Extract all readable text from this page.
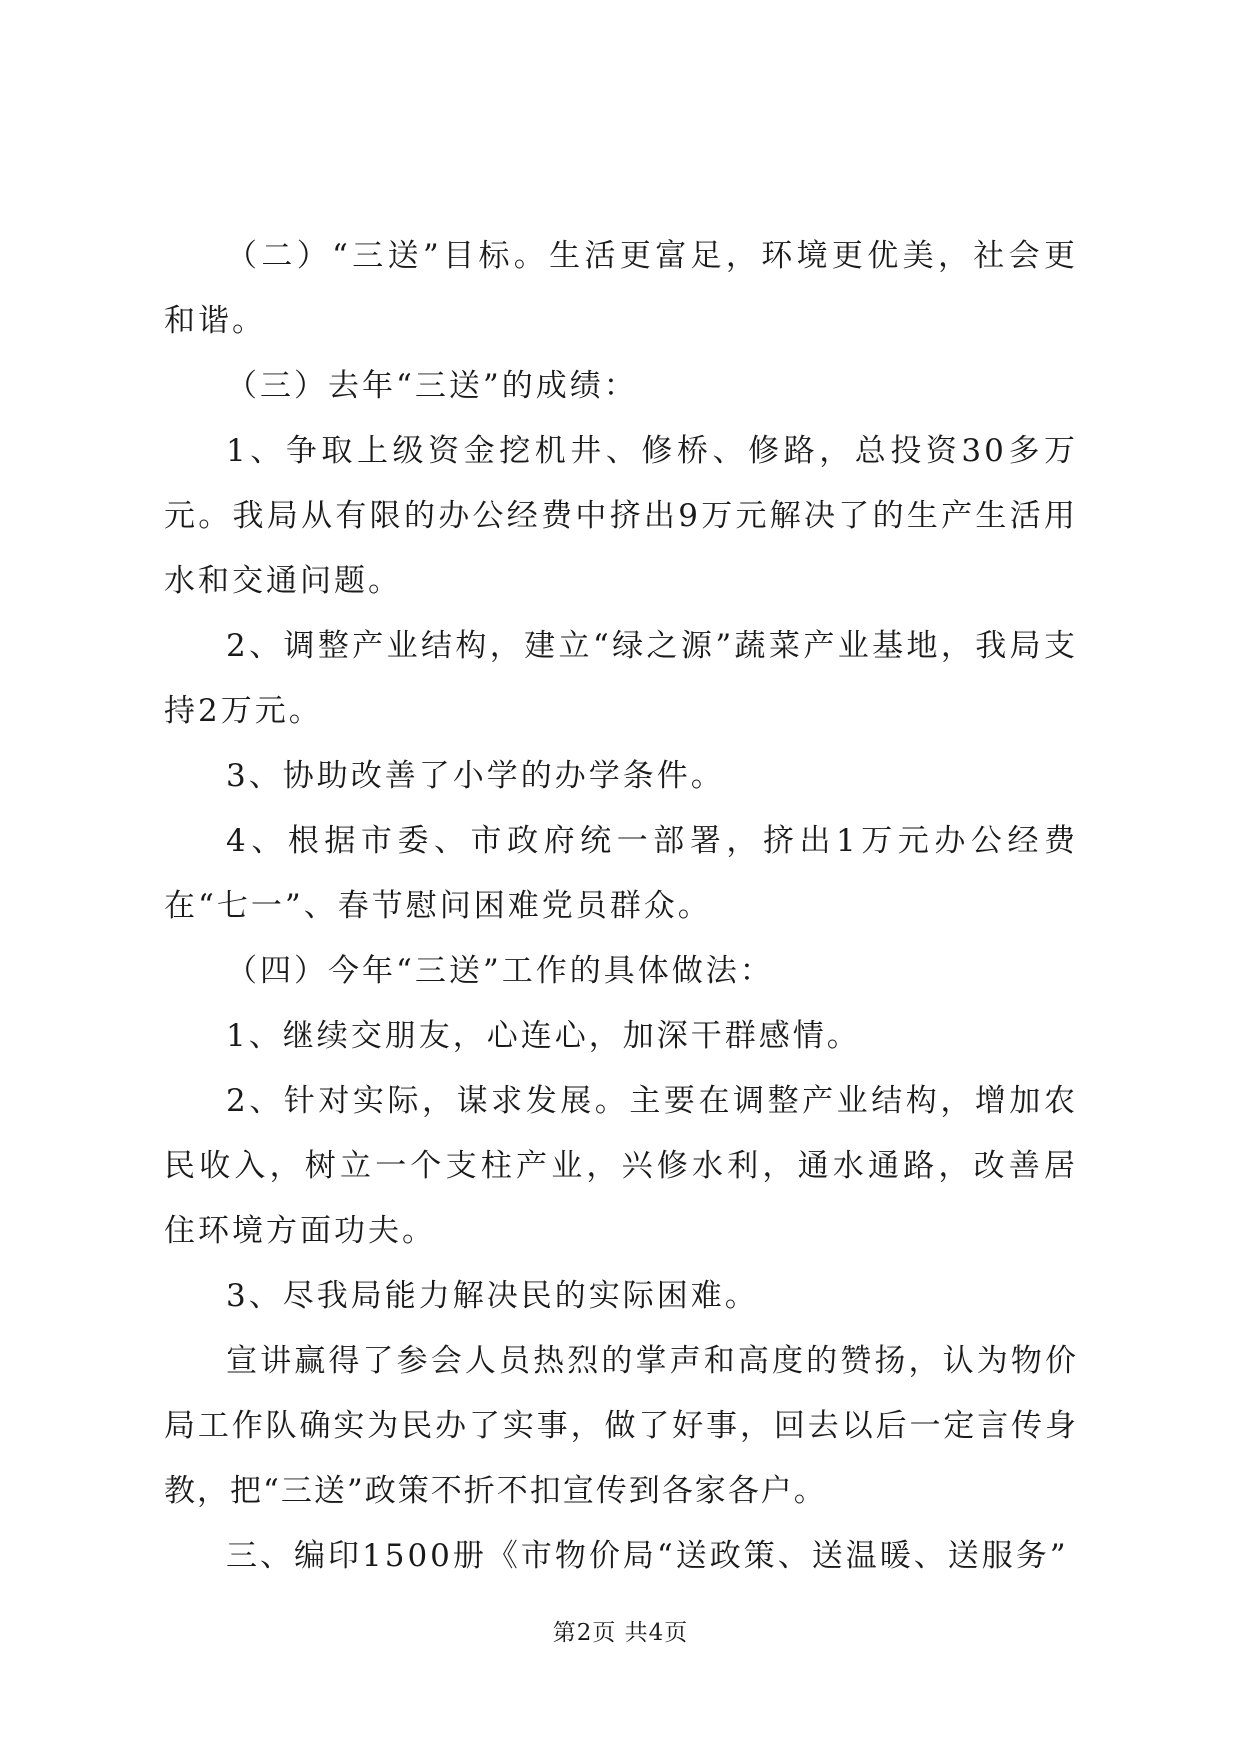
（二）“三送”目标。生活更富足，环境更优美，社会更和谐。

（三）去年“三送”的成绩：

1、争取上级资金挖机井、修桥、修路，总投资30多万元。我局从有限的办公经费中挤出9万元解决了的生产生活用水和交通问题。

2、调整产业结构，建立“绿之源”蔬菜产业基地，我局支持2万元。

3、协助改善了小学的办学条件。

4、根据市委、市政府统一部署，挤出1万元办公经费在“七一”、春节慰问困难党员群众。

（四）今年“三送”工作的具体做法：

1、继续交朋友，心连心，加深干群感情。

2、针对实际，谋求发展。主要在调整产业结构，增加农民收入，树立一个支柱产业，兴修水利，通水通路，改善居住环境方面功夫。

3、尽我局能力解决民的实际困难。

宣讲赢得了参会人员热烈的掌声和高度的赞扬，认为物价局工作队确实为民办了实事，做了好事，回去以后一定言传身教，把“三送”政策不折不扣宣传到各家各户。

三、编印1500册《市物价局“送政策、送温暖、送服务”

第2页 共4页
